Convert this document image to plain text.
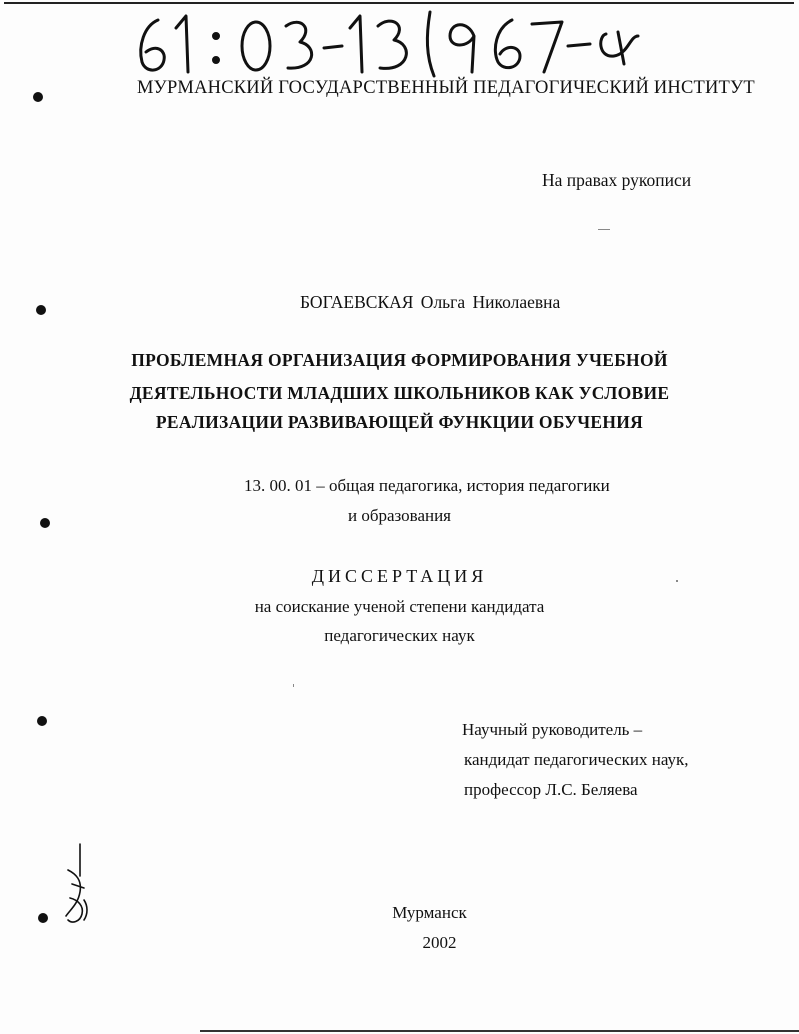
МУРМАНСКИЙ ГОСУДАРСТВЕННЫЙ ПЕДАГОГИЧЕСКИЙ ИНСТИТУТ
На правах рукописи
БОГАЕВСКАЯ Ольга Николаевна
ПРОБЛЕМНАЯ ОРГАНИЗАЦИЯ ФОРМИРОВАНИЯ УЧЕБНОЙ
ДЕЯТЕЛЬНОСТИ МЛАДШИХ ШКОЛЬНИКОВ КАК УСЛОВИЕ
РЕАЛИЗАЦИИ РАЗВИВАЮЩЕЙ ФУНКЦИИ ОБУЧЕНИЯ
13. 00. 01 – общая педагогика, история педагогики
и образования
ДИССЕРТАЦИЯ
на соискание ученой степени кандидата
педагогических наук
Научный руководитель –
кандидат педагогических наук,
профессор Л.С. Беляева
Мурманск
2002
